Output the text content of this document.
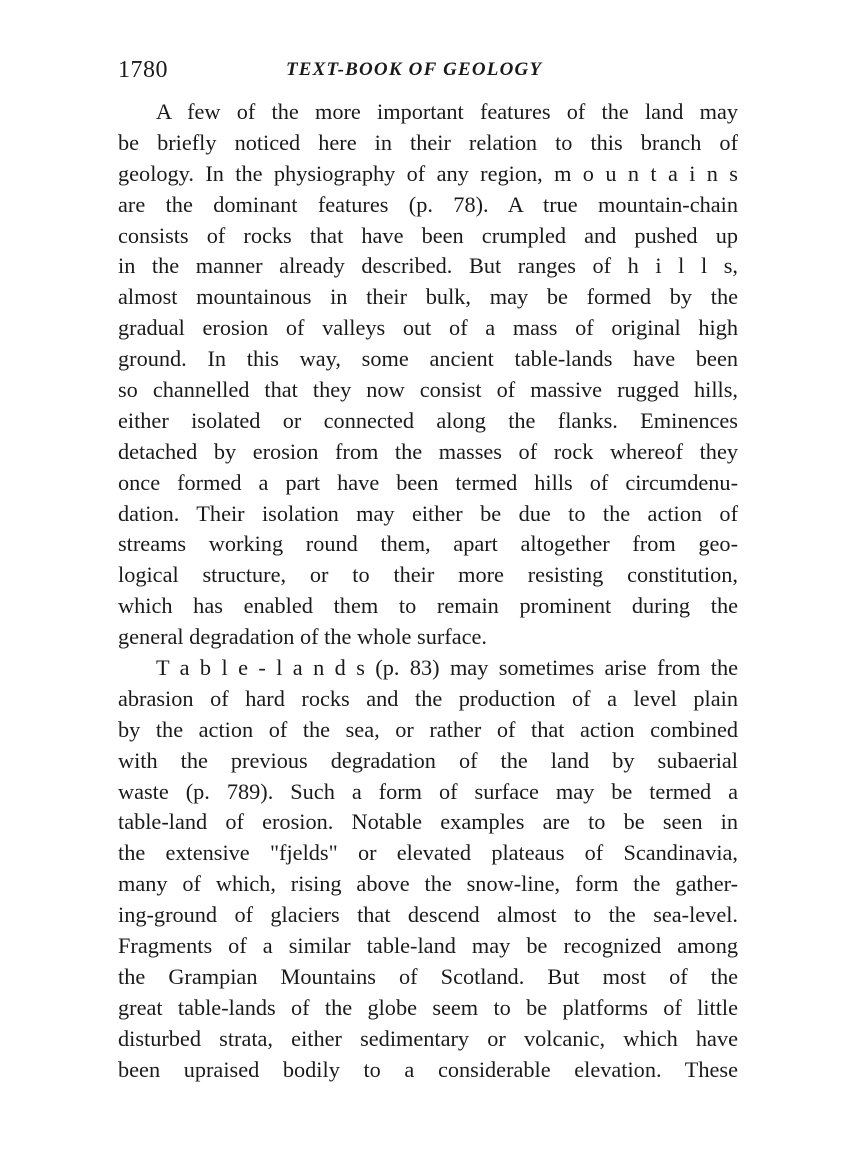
1780	TEXT-BOOK OF GEOLOGY
A few of the more important features of the land may
be briefly noticed here in their relation to this branch of
geology. In the physiography of any region, m o u n t a i n s
are the dominant features (p. 78). A true mountain-chain
consists of rocks that have been crumpled and pushed up
in the manner already described. But ranges of h i l l s,
almost mountainous in their bulk, may be formed by the
gradual erosion of valleys out of a mass of original high
ground. In this way, some ancient table-lands have been
so channelled that they now consist of massive rugged hills,
either isolated or connected along the flanks. Eminences
detached by erosion from the masses of rock whereof they
once formed a part have been termed hills of circumdenu-
dation. Their isolation may either be due to the action of
streams working round them, apart altogether from geo-
logical structure, or to their more resisting constitution,
which has enabled them to remain prominent during the
general degradation of the whole surface.
T a b l e - l a n d s (p. 83) may sometimes arise from the
abrasion of hard rocks and the production of a level plain
by the action of the sea, or rather of that action combined
with the previous degradation of the land by subaerial
waste (p. 789). Such a form of surface may be termed a
table-land of erosion. Notable examples are to be seen in
the extensive "fjelds" or elevated plateaus of Scandinavia,
many of which, rising above the snow-line, form the gather-
ing-ground of glaciers that descend almost to the sea-level.
Fragments of a similar table-land may be recognized among
the Grampian Mountains of Scotland. But most of the
great table-lands of the globe seem to be platforms of little
disturbed strata, either sedimentary or volcanic, which have
been upraised bodily to a considerable elevation. These
